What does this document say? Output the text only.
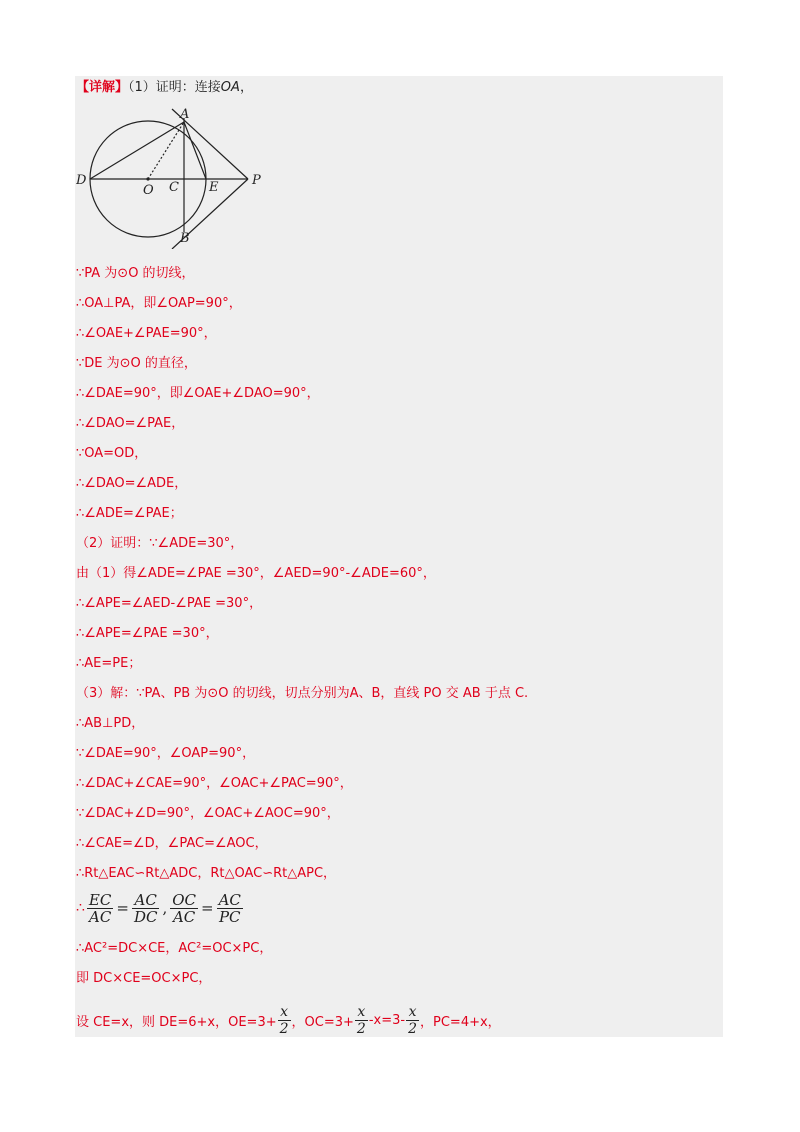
【详解】（1）证明：连接OA，
A
D
O C E	P
B
∵PA 为⊙O 的切线，
∴OA⊥PA，即∠OAP=90°，
∴∠OAE+∠PAE=90°，
∵DE 为⊙O 的直径，
∴∠DAE=90°，即∠OAE+∠DAO=90°，
∴∠DAO=∠PAE，
∵OA=OD，
∴∠DAO=∠ADE，
∴∠ADE=∠PAE；
（2）证明：∵∠ADE=30°，
由（1）得∠ADE=∠PAE =30°，∠AED=90°-∠ADE=60°，
∴∠APE=∠AED-∠PAE =30°，
∴∠APE=∠PAE =30°，
∴AE=PE；
（3）解：∵PA、PB 为⊙O 的切线，切点分别为A、B，直线 PO 交 AB 于点 C.
∴AB⊥PD，
∵∠DAE=90°，∠OAP=90°，
∴∠DAC+∠CAE=90°，∠OAC+∠PAC=90°，
∵∠DAC+∠D=90°，∠OAC+∠AOC=90°，
∴∠CAE=∠D，∠PAC=∠AOC，
∴Rt△EAC∽Rt△ADC，Rt△OAC∽Rt△APC，
∴ $\frac{EC}{AC} = \frac{AC}{DC}$ , $\frac{OC}{AC} = \frac{AC}{PC}$
∴AC²=DC×CE，AC²=OC×PC，
即 DC×CE=OC×PC，
设 CE=x，则 DE=6+x，$OE=3+ \frac{x}{2}$ ，$OC=3+ \frac{x}{2} -x=3- \frac{x}{2}$ ，PC=4+x，
